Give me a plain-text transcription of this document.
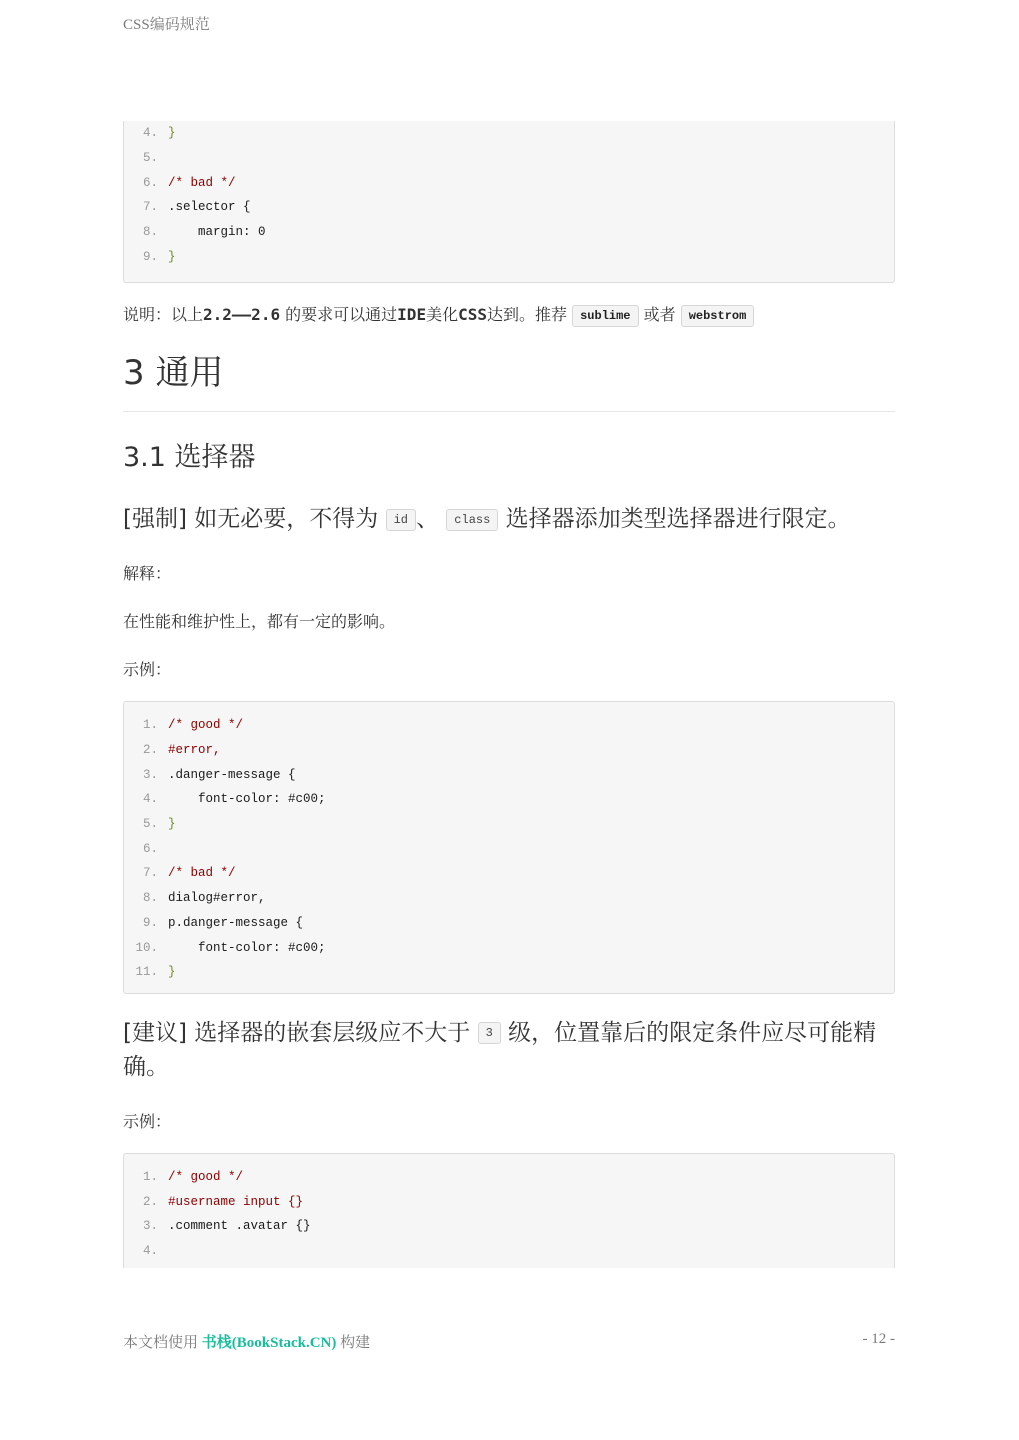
CSS编码规范
4. }
5.
6. /* bad */
7. .selector {
8. margin: 0
9. }
说明：以上2.2——2.6 的要求可以通过IDE美化CSS达到。推荐 sublime 或者 webstrom
3 通用
3.1 选择器
[强制] 如无必要，不得为 id 、 class 选择器添加类型选择器进行限定。

解释：

在性能和维护性上，都有一定的影响。

示例：

1. /* good */
2. #error,
3. .danger-message {
4. font-color: #c00;
5. }
6.
7. /* bad */
8. dialog#error,
9. p.danger-message {
10. font-color: #c00;
11. }
[建议] 选择器的嵌套层级应不大于 3 级，位置靠后的限定条件应尽可能精确。

示例：

1. /* good */
2. #username input {}
3. .comment .avatar {}
4.
本文档使用 书栈(BookStack.CN) 构建	- 12 -
